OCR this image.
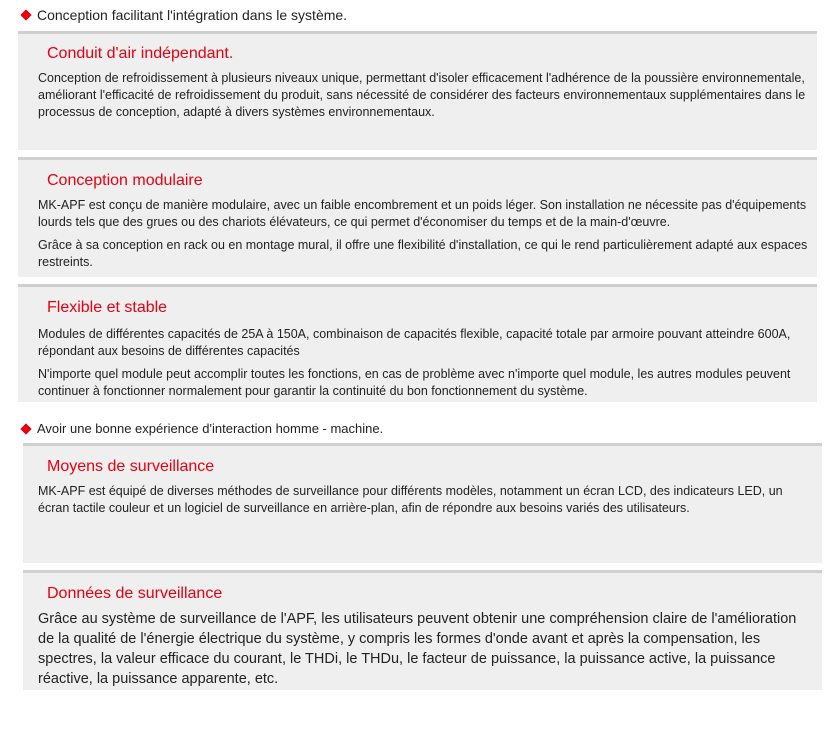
Conception facilitant l'intégration dans le système.
Conduit d'air indépendant.

Conception de refroidissement à plusieurs niveaux unique, permettant d'isoler efficacement l'adhérence de la poussière environnementale, améliorant l'efficacité de refroidissement du produit, sans nécessité de considérer des facteurs environnementaux supplémentaires dans le processus de conception, adapté à divers systèmes environnementaux.

Conception modulaire

MK-APF est conçu de manière modulaire, avec un faible encombrement et un poids léger. Son installation ne nécessite pas d'équipements lourds tels que des grues ou des chariots élévateurs, ce qui permet d'économiser du temps et de la main-d'œuvre.

Grâce à sa conception en rack ou en montage mural, il offre une flexibilité d'installation, ce qui le rend particulièrement adapté aux espaces restreints.

Flexible et stable

Modules de différentes capacités de 25A à 150A, combinaison de capacités flexible, capacité totale par armoire pouvant atteindre 600A, répondant aux besoins de différentes capacités

N'importe quel module peut accomplir toutes les fonctions, en cas de problème avec n'importe quel module, les autres modules peuvent continuer à fonctionner normalement pour garantir la continuité du bon fonctionnement du système.

Avoir une bonne expérience d'interaction homme - machine.
Moyens de surveillance

MK-APF est équipé de diverses méthodes de surveillance pour différents modèles, notamment un écran LCD, des indicateurs LED, un écran tactile couleur et un logiciel de surveillance en arrière-plan, afin de répondre aux besoins variés des utilisateurs.

Données de surveillance

Grâce au système de surveillance de l'APF, les utilisateurs peuvent obtenir une compréhension claire de l'amélioration de la qualité de l'énergie électrique du système, y compris les formes d'onde avant et après la compensation, les spectres, la valeur efficace du courant, le THDi, le THDu, le facteur de puissance, la puissance active, la puissance réactive, la puissance apparente, etc.
